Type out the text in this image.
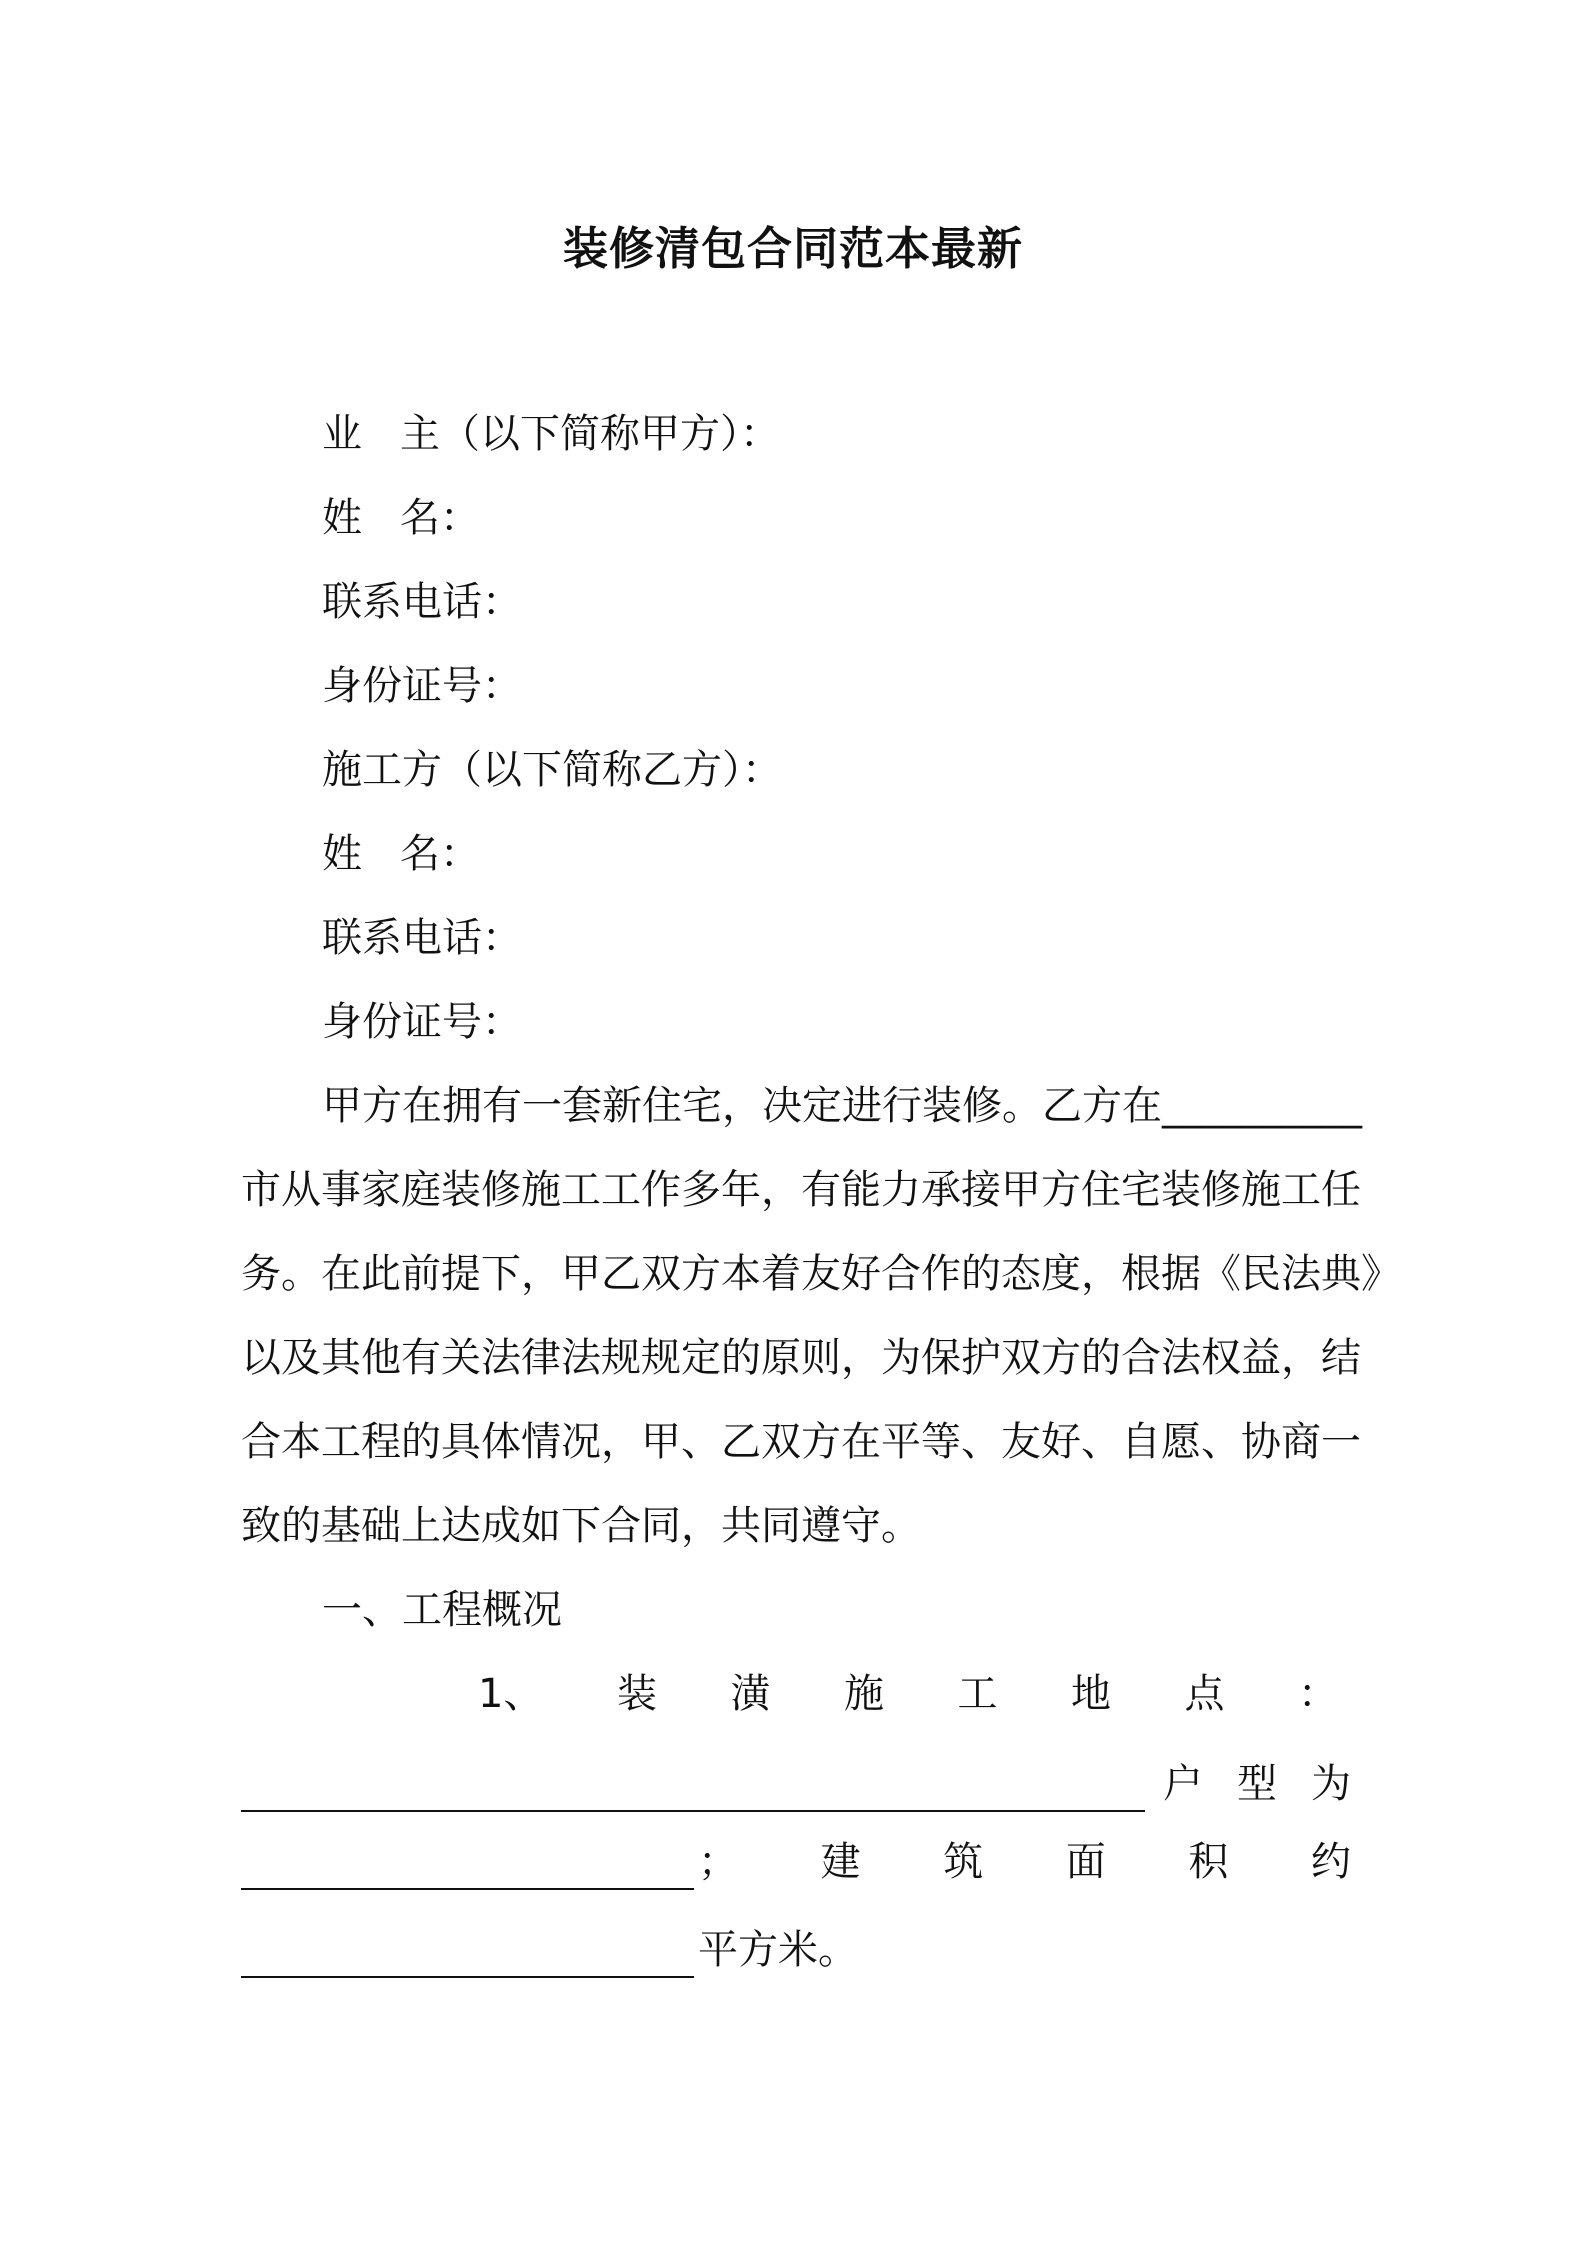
装修清包合同范本最新
业 主（以下简称甲方）：
姓 名：
联系电话：
身份证号：
施工方（以下简称乙方）：
姓 名：
联系电话：
身份证号：
甲方在拥有一套新住宅，决定进行装修。乙方在__________
市从事家庭装修施工工作多年，有能力承接甲方住宅装修施工任
务。在此前提下，甲乙双方本着友好合作的态度，根据《民法典》
以及其他有关法律法规规定的原则，为保护双方的合法权益，结
合本工程的具体情况，甲、乙双方在平等、友好、自愿、协商一
致的基础上达成如下合同，共同遵守。
一、工程概况
1、 装 潢 施 工 地 点 ：
户 型 为
； 建 筑 面 积 约
平方米。
